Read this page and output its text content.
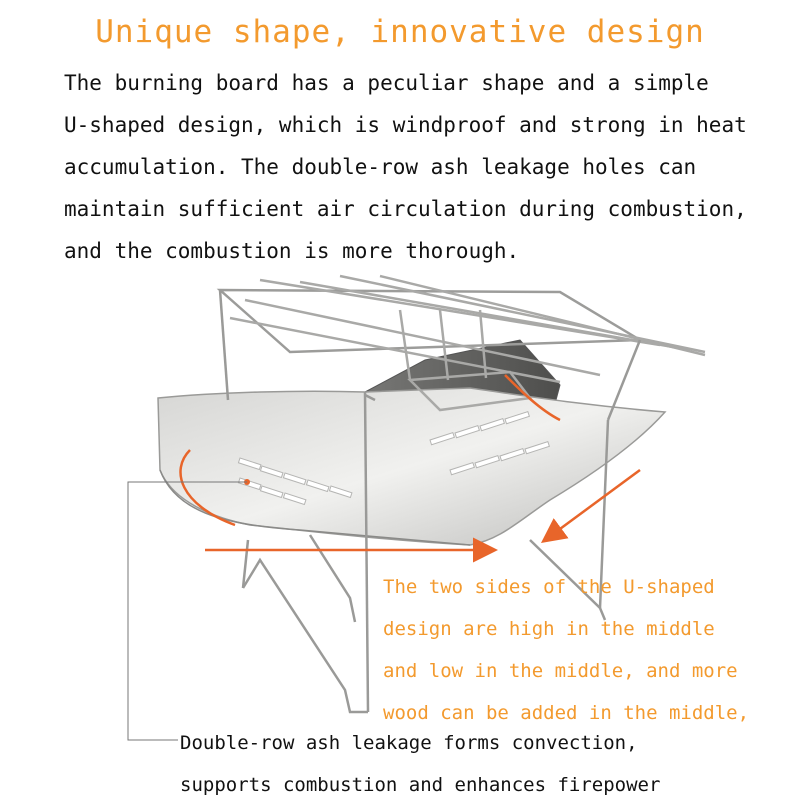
Unique shape, innovative design
The burning board has a peculiar shape and a simple
U-shaped design, which is windproof and strong in heat
accumulation. The double-row ash leakage holes can
maintain sufficient air circulation during combustion,
and the combustion is more thorough.
The two sides of the U-shaped
design are high in the middle
and low in the middle, and more
wood can be added in the middle,
Double-row ash leakage forms convection,
supports combustion and enhances firepower
